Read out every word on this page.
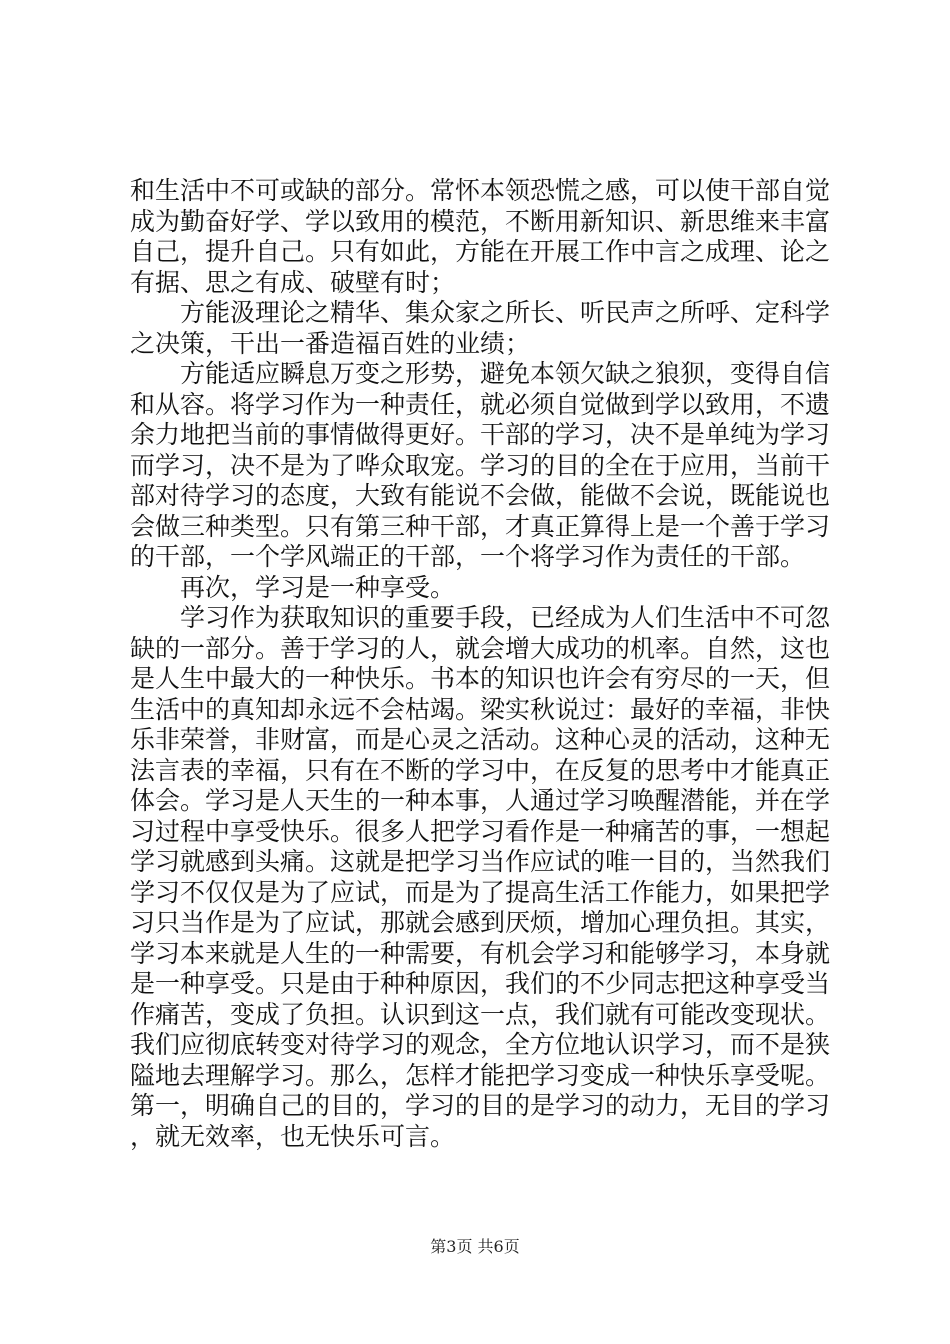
和生活中不可或缺的部分。常怀本领恐慌之感，可以使干部自觉成为勤奋好学、学以致用的模范，不断用新知识、新思维来丰富自己，提升自己。只有如此，方能在开展工作中言之成理、论之有据、思之有成、破壁有时；

方能汲理论之精华、集众家之所长、听民声之所呼、定科学之决策，干出一番造福百姓的业绩；

方能适应瞬息万变之形势，避免本领欠缺之狼狈，变得自信和从容。将学习作为一种责任，就必须自觉做到学以致用，不遗余力地把当前的事情做得更好。干部的学习，决不是单纯为学习而学习，决不是为了哗众取宠。学习的目的全在于应用，当前干部对待学习的态度，大致有能说不会做，能做不会说，既能说也会做三种类型。只有第三种干部，才真正算得上是一个善于学习的干部，一个学风端正的干部，一个将学习作为责任的干部。

再次，学习是一种享受。

学习作为获取知识的重要手段，已经成为人们生活中不可忽缺的一部分。善于学习的人，就会增大成功的机率。自然，这也是人生中最大的一种快乐。书本的知识也许会有穷尽的一天，但生活中的真知却永远不会枯竭。梁实秋说过：最好的幸福，非快乐非荣誉，非财富，而是心灵之活动。这种心灵的活动，这种无法言表的幸福，只有在不断的学习中，在反复的思考中才能真正体会。学习是人天生的一种本事，人通过学习唤醒潜能，并在学习过程中享受快乐。很多人把学习看作是一种痛苦的事，一想起学习就感到头痛。这就是把学习当作应试的唯一目的，当然我们学习不仅仅是为了应试，而是为了提高生活工作能力，如果把学习只当作是为了应试，那就会感到厌烦，增加心理负担。其实，学习本来就是人生的一种需要，有机会学习和能够学习，本身就是一种享受。只是由于种种原因，我们的不少同志把这种享受当作痛苦，变成了负担。认识到这一点，我们就有可能改变现状。我们应彻底转变对待学习的观念，全方位地认识学习，而不是狭隘地去理解学习。那么，怎样才能把学习变成一种快乐享受呢。第一，明确自己的目的，学习的目的是学习的动力，无目的学习，就无效率，也无快乐可言。

第3页 共6页
